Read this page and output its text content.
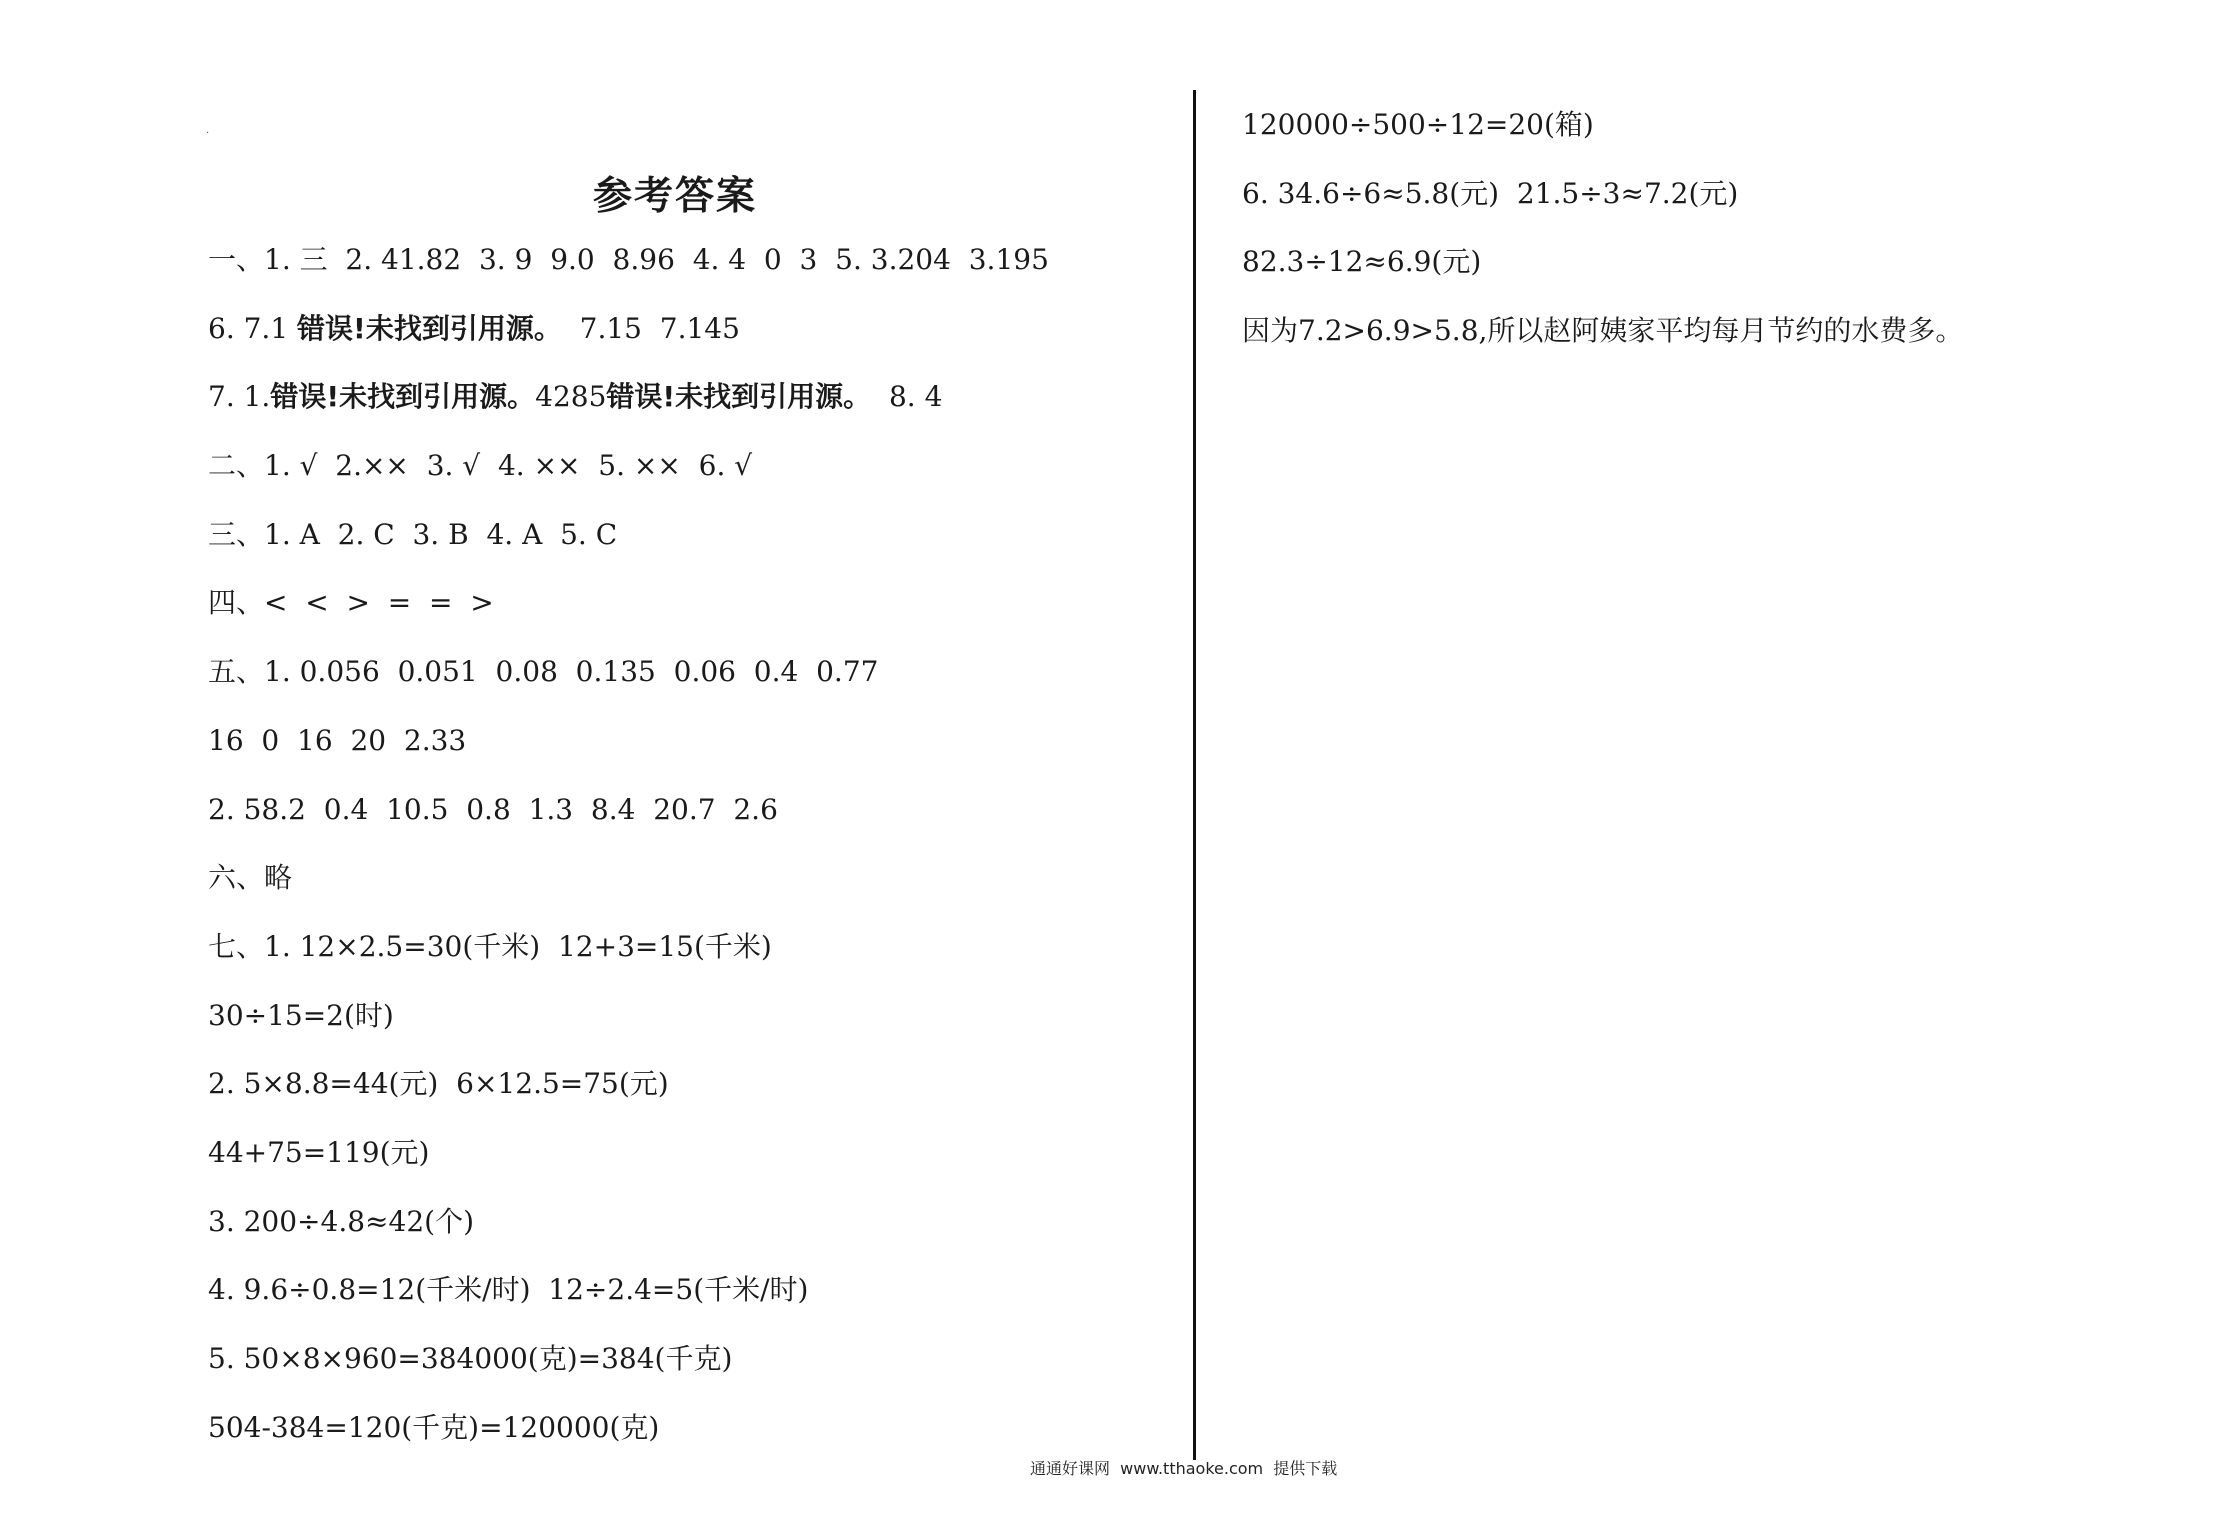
·
参考答案
一、1. 三  2. 41.82  3. 9  9.0  8.96  4. 4  0  3  5. 3.204  3.195
6. 7.1 错误!未找到引用源。  7.15  7.145
7. 1.错误!未找到引用源。4285错误!未找到引用源。  8. 4
二、1. √  2.××  3. √  4. ××  5. ××  6. √
三、1. A  2. C  3. B  4. A  5. C
四、<  <  >  =  =  >
五、1. 0.056  0.051  0.08  0.135  0.06  0.4  0.77
16  0  16  20  2.33
2. 58.2  0.4  10.5  0.8  1.3  8.4  20.7  2.6
六、略
七、1. 12×2.5=30(千米)  12+3=15(千米)
30÷15=2(时)
2. 5×8.8=44(元)  6×12.5=75(元)
44+75=119(元)
3. 200÷4.8≈42(个)
4. 9.6÷0.8=12(千米/时)  12÷2.4=5(千米/时)
5. 50×8×960=384000(克)=384(千克)
504-384=120(千克)=120000(克)
120000÷500÷12=20(箱)
6. 34.6÷6≈5.8(元)  21.5÷3≈7.2(元)
82.3÷12≈6.9(元)
因为7.2>6.9>5.8,所以赵阿姨家平均每月节约的水费多。
通通好课网  www.tthaoke.com  提供下载
